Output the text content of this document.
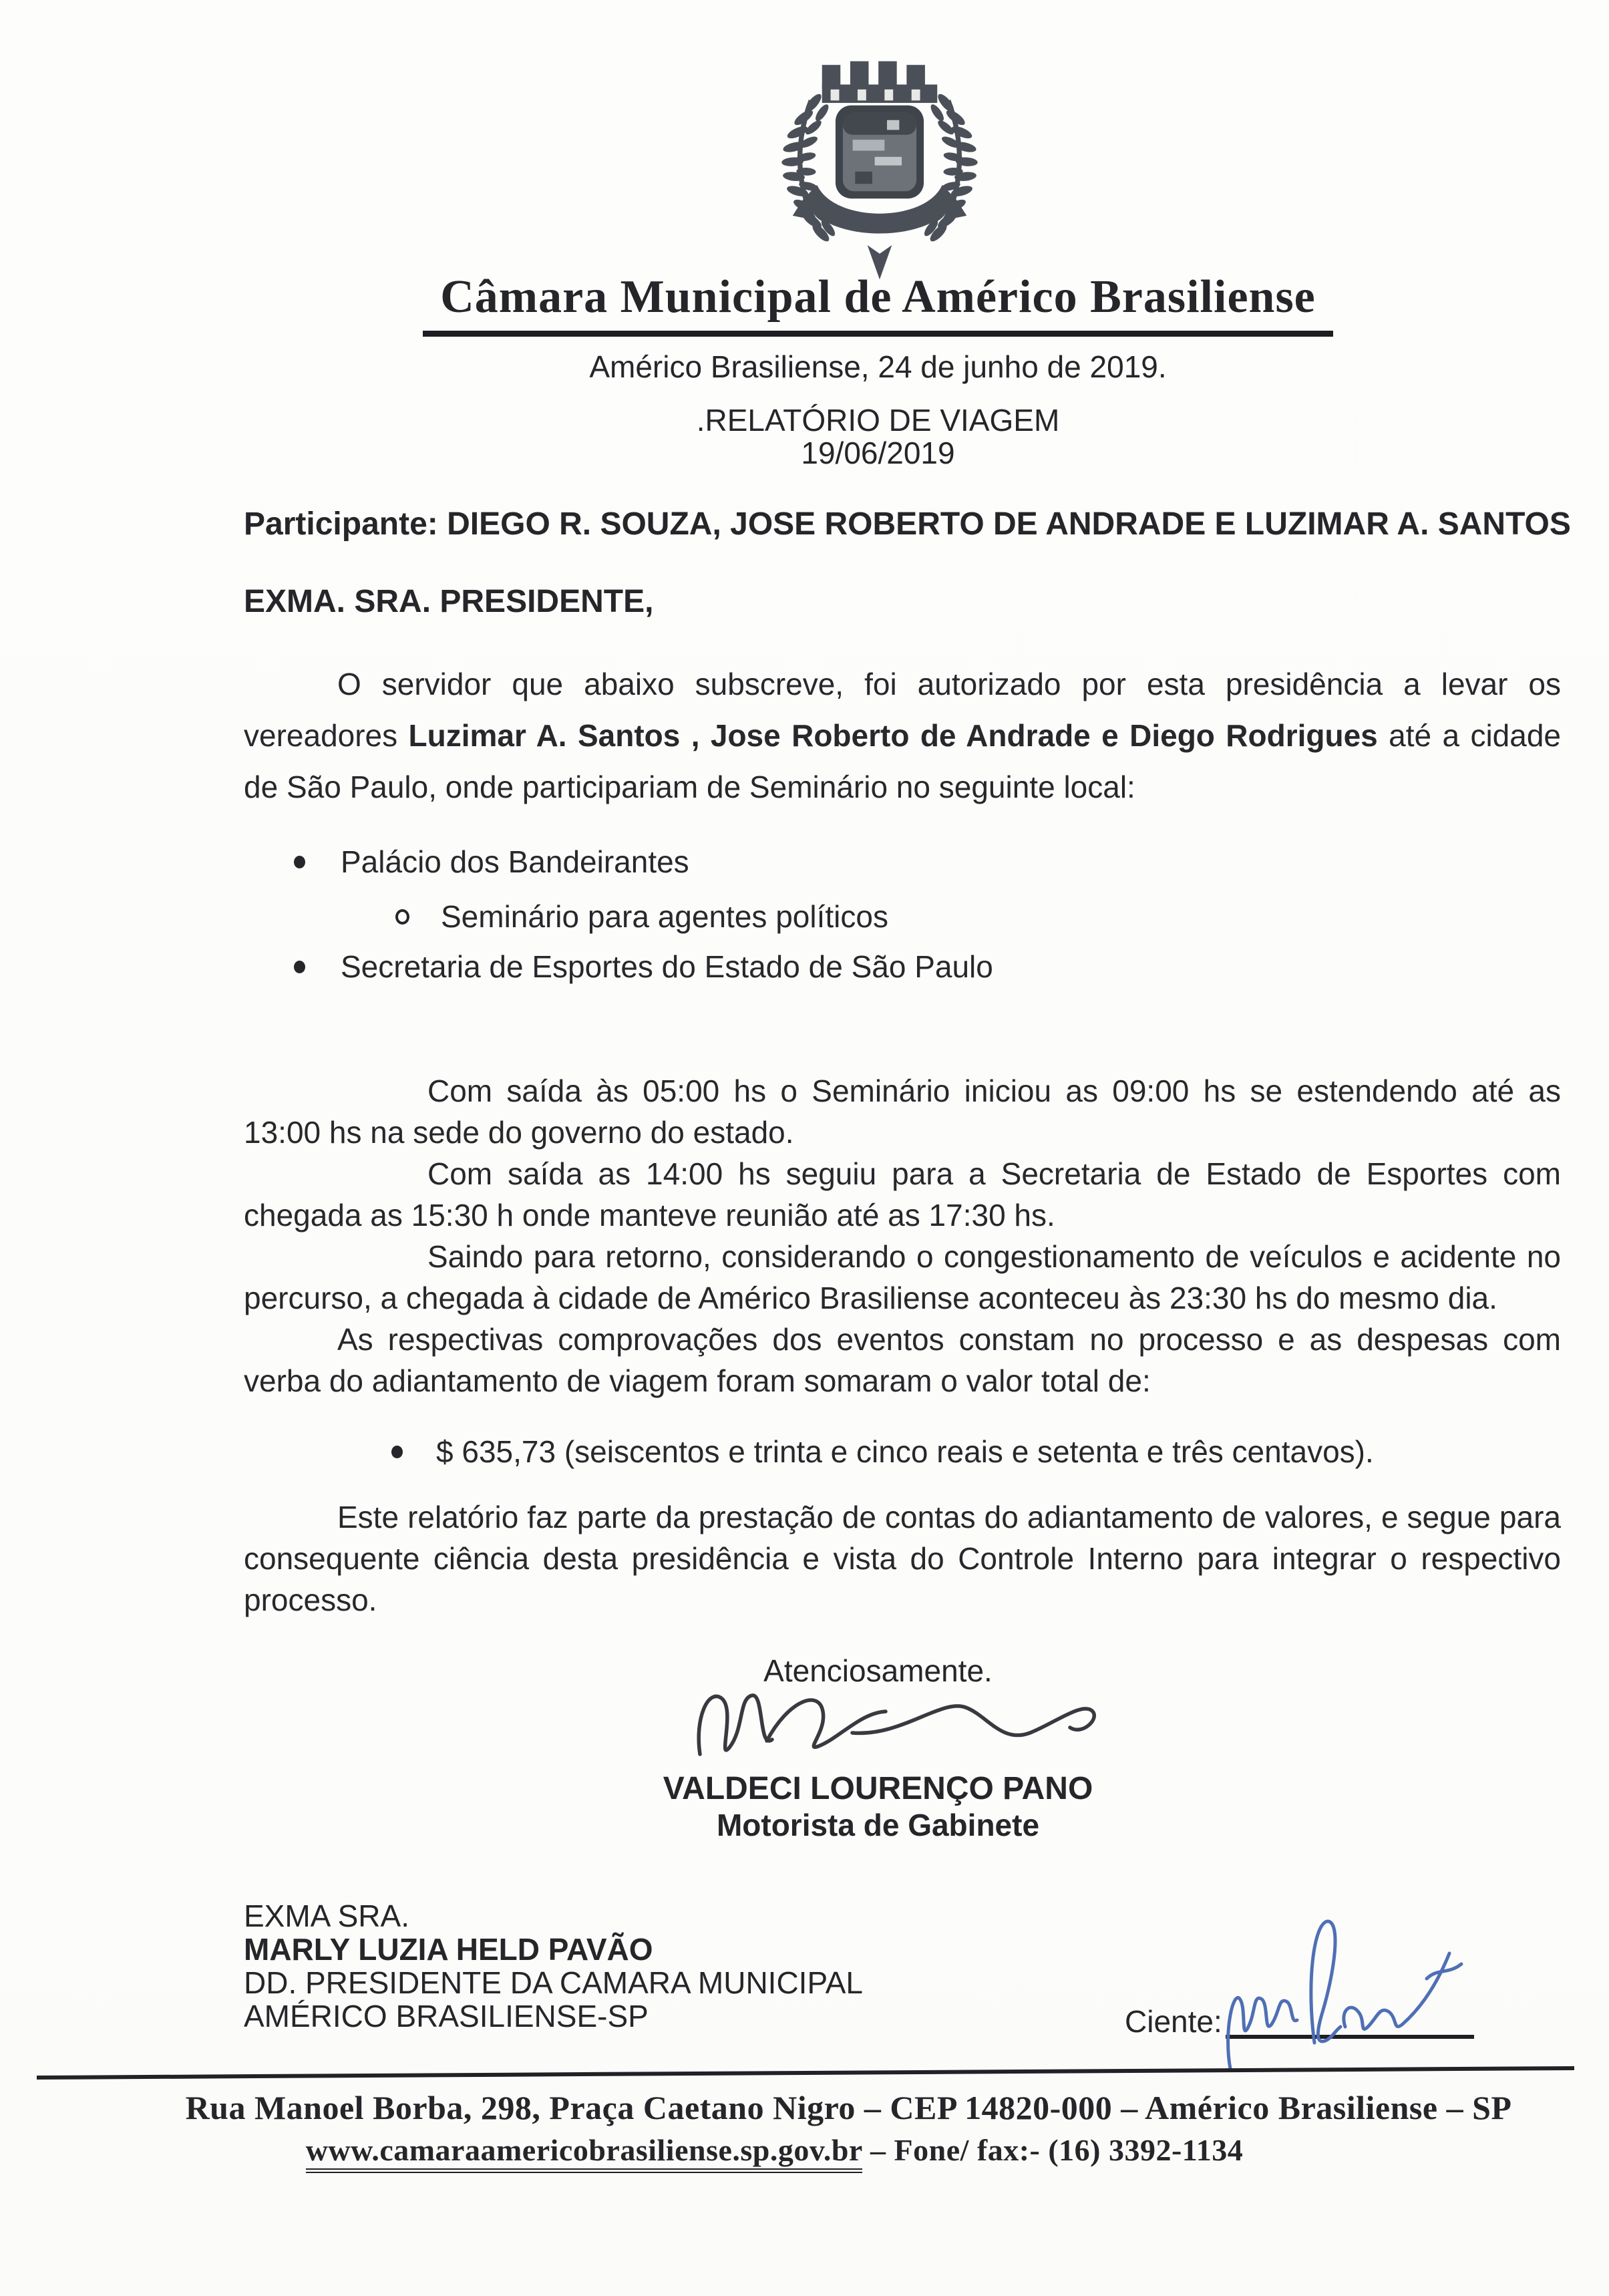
Câmara Municipal de Américo Brasiliense
Américo Brasiliense, 24 de junho de 2019.
.RELATÓRIO DE VIAGEM
19/06/2019
Participante: DIEGO R. SOUZA, JOSE ROBERTO DE ANDRADE E LUZIMAR A. SANTOS
EXMA. SRA. PRESIDENTE,

O servidor que abaixo subscreve, foi autorizado por esta presidência a levar os vereadores Luzimar A. Santos , Jose Roberto de Andrade e Diego Rodrigues até a cidade de São Paulo, onde participariam de Seminário no seguinte local:

Palácio dos Bandeirantes
Seminário para agentes políticos
Secretaria de Esportes do Estado de São Paulo

Com saída às 05:00 hs o Seminário iniciou as 09:00 hs se estendendo até as 13:00 hs na sede do governo do estado.

Com saída as 14:00 hs seguiu para a Secretaria de Estado de Esportes com chegada as 15:30 h onde manteve reunião até as 17:30 hs.

Saindo para retorno, considerando o congestionamento de veículos e acidente no percurso, a chegada à cidade de Américo Brasiliense aconteceu às 23:30 hs do mesmo dia.

As respectivas comprovações dos eventos constam no processo e as despesas com verba do adiantamento de viagem foram somaram o valor total de:

$ 635,73 (seiscentos e trinta e cinco reais e setenta e três centavos).

Este relatório faz parte da prestação de contas do adiantamento de valores, e segue para consequente ciência desta presidência e vista do Controle Interno para integrar o respectivo processo.

Atenciosamente.
VALDECI LOURENÇO PANO
Motorista de Gabinete
EXMA SRA.
MARLY LUZIA HELD PAVÃO
DD. PRESIDENTE DA CAMARA MUNICIPAL
AMÉRICO BRASILIENSE-SP	Ciente:
Rua Manoel Borba, 298, Praça Caetano Nigro – CEP 14820-000 – Américo Brasiliense – SP
www.camaraamericobrasiliense.sp.gov.br – Fone/ fax:- (16) 3392-1134
